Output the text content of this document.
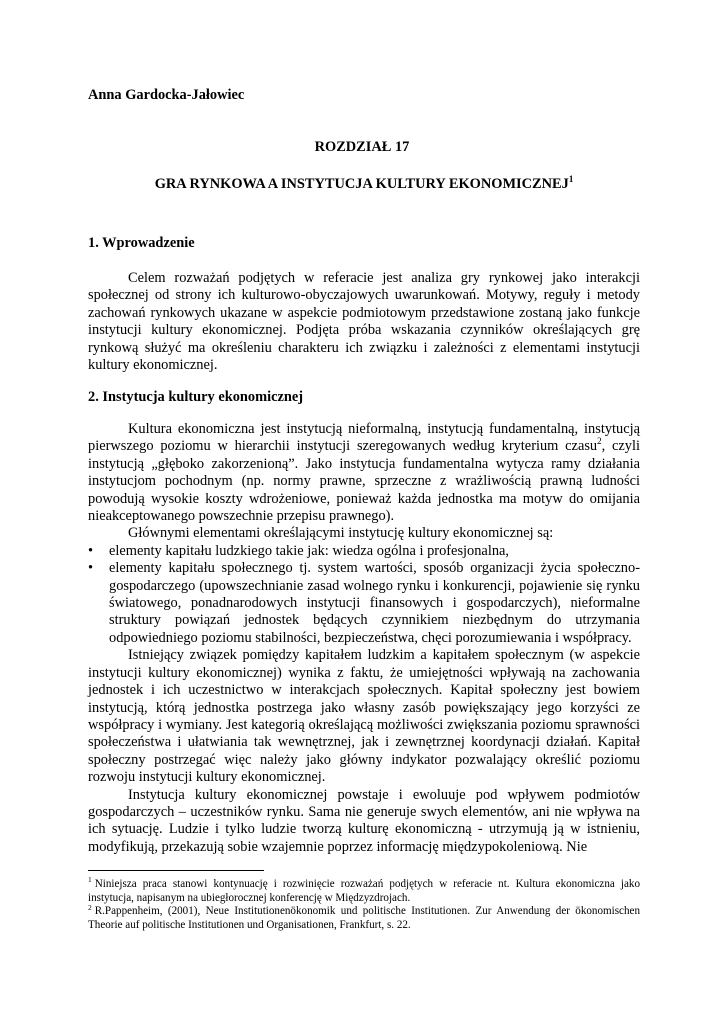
Anna Gardocka-Jałowiec
ROZDZIAŁ 17
GRA RYNKOWA A INSTYTUCJA KULTURY EKONOMICZNEJ$^1$
1. Wprowadzenie

Celem rozważań podjętych w referacie jest analiza gry rynkowej jako interakcji społecznej od strony ich kulturowo-obyczajowych uwarunkowań. Motywy, reguły i metody zachowań rynkowych ukazane w aspekcie podmiotowym przedstawione zostaną jako funkcje instytucji kultury ekonomicznej. Podjęta próba wskazania czynników określających grę rynkową służyć ma określeniu charakteru ich związku i zależności z elementami instytucji kultury ekonomicznej.

2. Instytucja kultury ekonomicznej

Kultura ekonomiczna jest instytucją nieformalną, instytucją fundamentalną, instytucją pierwszego poziomu w hierarchii instytucji szeregowanych według kryterium czasu$^2$, czyli instytucją „głęboko zakorzenioną”. Jako instytucja fundamentalna wytycza ramy działania instytucjom pochodnym (np. normy prawne, sprzeczne z wrażliwością prawną ludności powodują wysokie koszty wdrożeniowe, ponieważ każda jednostka ma motyw do omijania nieakceptowanego powszechnie przepisu prawnego).

Głównymi elementami określającymi instytucję kultury ekonomicznej są:

• elementy kapitału ludzkiego takie jak: wiedza ogólna i profesjonalna,
• elementy kapitału społecznego tj. system wartości, sposób organizacji życia społeczno-gospodarczego (upowszechnianie zasad wolnego rynku i konkurencji, pojawienie się rynku światowego, ponadnarodowych instytucji finansowych i gospodarczych), nieformalne struktury powiązań jednostek będących czynnikiem niezbędnym do utrzymania odpowiedniego poziomu stabilności, bezpieczeństwa, chęci porozumiewania i współpracy.

Istniejący związek pomiędzy kapitałem ludzkim a kapitałem społecznym (w aspekcie instytucji kultury ekonomicznej) wynika z faktu, że umiejętności wpływają na zachowania jednostek i ich uczestnictwo w interakcjach społecznych. Kapitał społeczny jest bowiem instytucją, którą jednostka postrzega jako własny zasób powiększający jego korzyści ze współpracy i wymiany. Jest kategorią określającą możliwości zwiększania poziomu sprawności społeczeństwa i ułatwiania tak wewnętrznej, jak i zewnętrznej koordynacji działań. Kapitał społeczny postrzegać więc należy jako główny indykator pozwalający określić poziomu rozwoju instytucji kultury ekonomicznej.

Instytucja kultury ekonomicznej powstaje i ewoluuje pod wpływem podmiotów gospodarczych – uczestników rynku. Sama nie generuje swych elementów, ani nie wpływa na ich sytuację. Ludzie i tylko ludzie tworzą kulturę ekonomiczną - utrzymują ją w istnieniu, modyfikują, przekazują sobie wzajemnie poprzez informację międzypokoleniową. Nie

$^1$ Niniejsza praca stanowi kontynuację i rozwinięcie rozważań podjętych w referacie nt. Kultura ekonomiczna jako instytucja, napisanym na ubiegłorocznej konferencję w Międzyzdrojach.
$^2$ R.Pappenheim, (2001), Neue Institutionenökonomik und politische Institutionen. Zur Anwendung der ökonomischen Theorie auf politische Institutionen und Organisationen, Frankfurt, s. 22.
